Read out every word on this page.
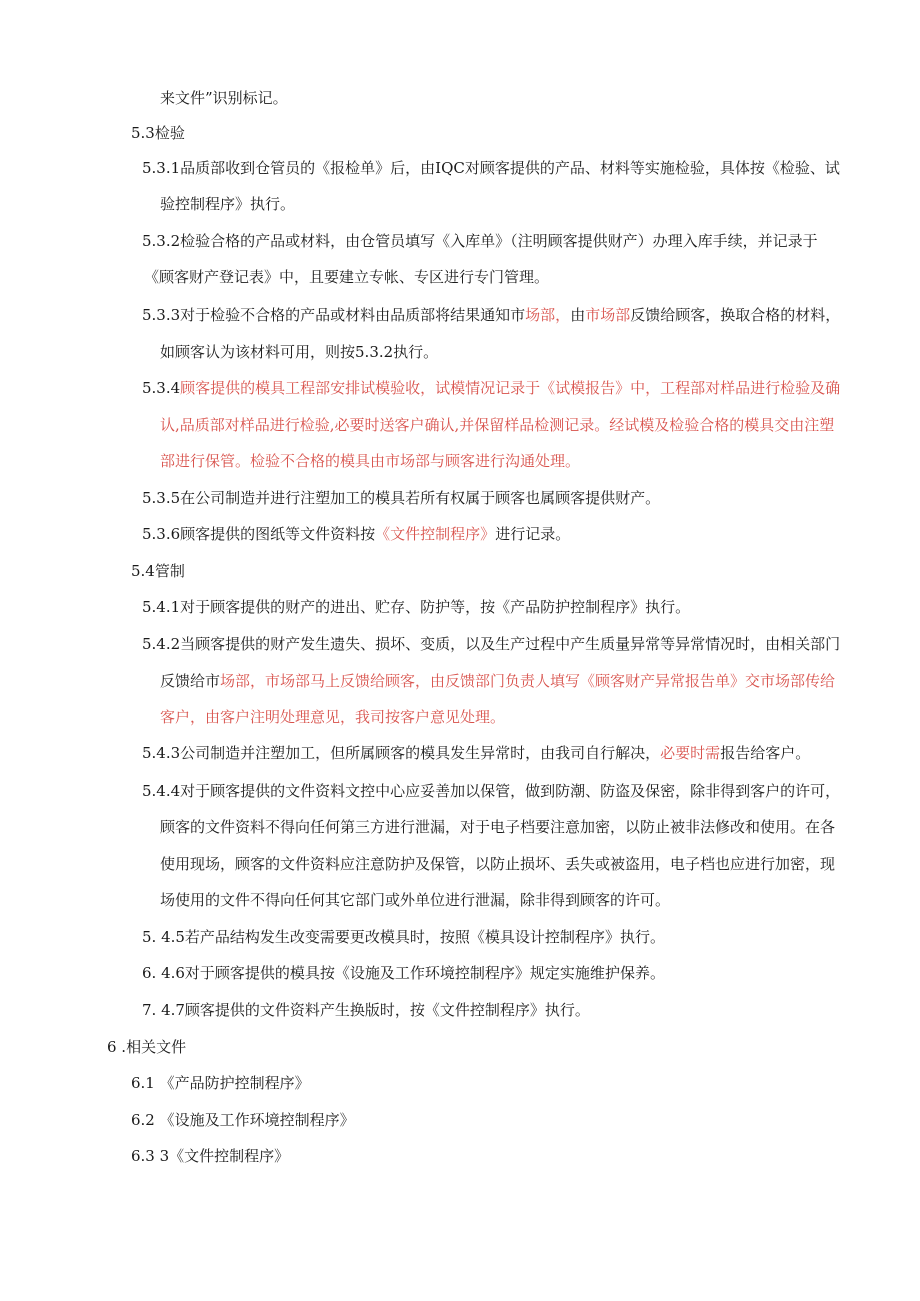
来文件”识别标记。
5.3检验
5.3.1品质部收到仓管员的《报检单》后，由IQC对顾客提供的产品、材料等实施检验，具体按《检验、试
验控制程序》执行。
5.3.2检验合格的产品或材料，由仓管员填写《入库单》（注明顾客提供财产）办理入库手续，并记录于
《顾客财产登记表》中，且要建立专帐、专区进行专门管理。
5.3.3对于检验不合格的产品或材料由品质部将结果通知市场部，由市场部反馈给顾客，换取合格的材料，
如顾客认为该材料可用，则按5.3.2执行。
5.3.4顾客提供的模具工程部安排试模验收，试模情况记录于《试模报告》中，工程部对样品进行检验及确
认,品质部对样品进行检验,必要时送客户确认,并保留样品检测记录。经试模及检验合格的模具交由注塑
部进行保管。检验不合格的模具由市场部与顾客进行沟通处理。
5.3.5在公司制造并进行注塑加工的模具若所有权属于顾客也属顾客提供财产。
5.3.6顾客提供的图纸等文件资料按《文件控制程序》进行记录。
5.4管制
5.4.1对于顾客提供的财产的进出、贮存、防护等，按《产品防护控制程序》执行。
5.4.2当顾客提供的财产发生遗失、损坏、变质，以及生产过程中产生质量异常等异常情况时，由相关部门
反馈给市场部，市场部马上反馈给顾客，由反馈部门负责人填写《顾客财产异常报告单》交市场部传给
客户，由客户注明处理意见，我司按客户意见处理。
5.4.3公司制造并注塑加工，但所属顾客的模具发生异常时，由我司自行解决，必要时需报告给客户。
5.4.4对于顾客提供的文件资料文控中心应妥善加以保管，做到防潮、防盗及保密，除非得到客户的许可，
顾客的文件资料不得向任何第三方进行泄漏，对于电子档要注意加密，以防止被非法修改和使用。在各
使用现场，顾客的文件资料应注意防护及保管，以防止损坏、丢失或被盗用，电子档也应进行加密，现
场使用的文件不得向任何其它部门或外单位进行泄漏，除非得到顾客的许可。
5. 4.5若产品结构发生改变需要更改模具时，按照《模具设计控制程序》执行。
6. 4.6对于顾客提供的模具按《设施及工作环境控制程序》规定实施维护保养。
7. 4.7顾客提供的文件资料产生换版时，按《文件控制程序》执行。
6 .相关文件
6.1 《产品防护控制程序》
6.2 《设施及工作环境控制程序》
6.3 3《文件控制程序》
